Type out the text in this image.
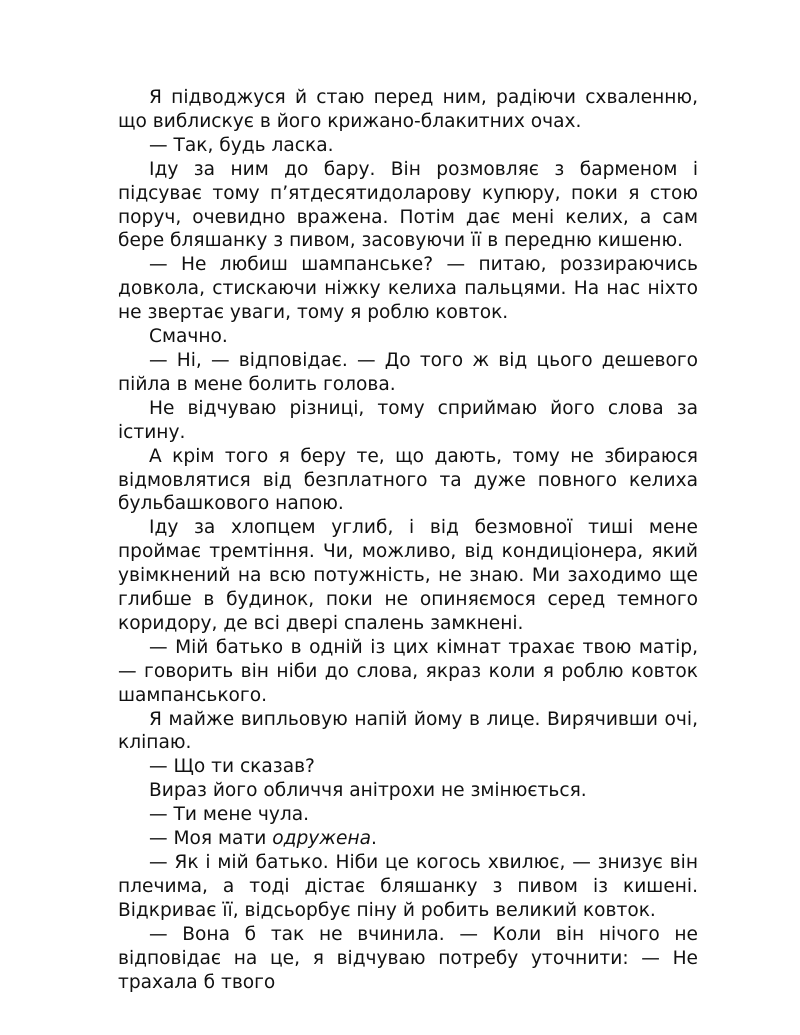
Я підводжуся й стаю перед ним, радіючи схваленню, що виблискує в його крижано-блакитних очах.

— Так, будь ласка.

Іду за ним до бару. Він розмовляє з барменом і підсуває тому п’ятдесятидоларову купюру, поки я стою поруч, очевидно вражена. Потім дає мені келих, а сам бере бляшанку з пивом, засовуючи її в передню кишеню.

— Не любиш шампанське? — питаю, роззираючись довкола, стискаючи ніжку келиха пальцями. На нас ніхто не звертає уваги, тому я роблю ковток.

Смачно.

— Ні, — відповідає. — До того ж від цього дешевого пійла в мене болить голова.

Не відчуваю різниці, тому сприймаю його слова за істину.

А крім того я беру те, що дають, тому не збираюся відмовлятися від безплатного та дуже повного келиха бульбашкового напою.

Іду за хлопцем углиб, і від безмовної тиші мене проймає тремтіння. Чи, можливо, від кондиціонера, який увімкнений на всю потужність, не знаю. Ми заходимо ще глибше в будинок, поки не опиняємося серед темного коридору, де всі двері спалень замкнені.

— Мій батько в одній із цих кімнат трахає твою матір, — говорить він ніби до слова, якраз коли я роблю ковток шампанського.

Я майже випльовую напій йому в лице. Вирячивши очі, кліпаю.

— Що ти сказав?

Вираз його обличчя анітрохи не змінюється.

— Ти мене чула.

— Моя мати одружена.

— Як і мій батько. Ніби це когось хвилює, — знизує він плечима, а тоді дістає бляшанку з пивом із кишені. Відкриває її, відсьорбує піну й робить великий ковток.

— Вона б так не вчинила. — Коли він нічого не відповідає на це, я відчуваю потребу уточнити: — Не трахала б твого
